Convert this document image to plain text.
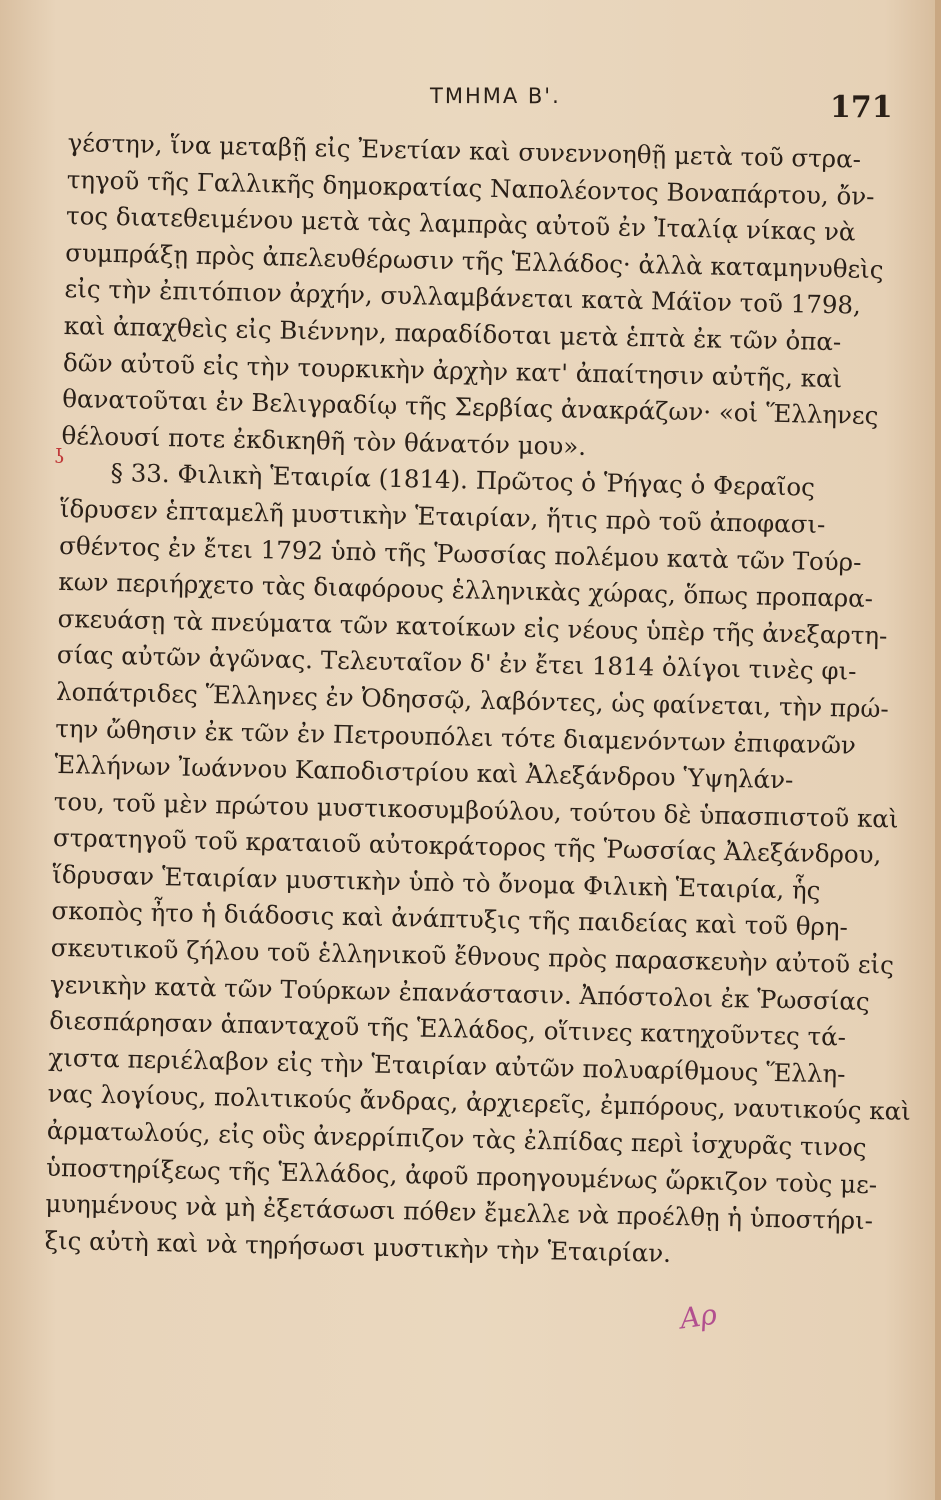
ΤΜΗΜΑ Β'.	171
γέστην, ἵνα μεταβῇ εἰς Ἐνετίαν καὶ συνεννοηθῇ μετὰ τοῦ στρα-
τηγοῦ τῆς Γαλλικῆς δημοκρατίας Ναπολέοντος Βοναπάρτου, ὄν-
τος διατεθειμένου μετὰ τὰς λαμπρὰς αὐτοῦ ἐν Ἰταλίᾳ νίκας νὰ
συμπράξῃ πρὸς ἀπελευθέρωσιν τῆς Ἑλλάδος· ἀλλὰ καταμηνυθεὶς
εἰς τὴν ἐπιτόπιον ἀρχήν, συλλαμβάνεται κατὰ Μάϊον τοῦ 1798,
καὶ ἀπαχθεὶς εἰς Βιέννην, παραδίδοται μετὰ ἑπτὰ ἐκ τῶν ὀπα-
δῶν αὐτοῦ εἰς τὴν τουρκικὴν ἀρχὴν κατ' ἀπαίτησιν αὐτῆς, καὶ
θανατοῦται ἐν Βελιγραδίῳ τῆς Σερβίας ἀνακράζων· «οἱ Ἕλληνες
θέλουσί ποτε ἐκδικηθῆ τὸν θάνατόν μου».
§ 33. Φιλικὴ Ἑταιρία (1814). Πρῶτος ὁ Ῥήγας ὁ Φεραῖος
ἵδρυσεν ἑπταμελῆ μυστικὴν Ἑταιρίαν, ἥτις πρὸ τοῦ ἀποφασι-
σθέντος ἐν ἔτει 1792 ὑπὸ τῆς Ῥωσσίας πολέμου κατὰ τῶν Τούρ-
κων περιήρχετο τὰς διαφόρους ἑλληνικὰς χώρας, ὅπως προπαρα-
σκευάσῃ τὰ πνεύματα τῶν κατοίκων εἰς νέους ὑπὲρ τῆς ἀνεξαρτη-
σίας αὐτῶν ἀγῶνας. Τελευταῖον δ' ἐν ἔτει 1814 ὀλίγοι τινὲς φι-
λοπάτριδες Ἕλληνες ἐν Ὀδησσῷ, λαβόντες, ὡς φαίνεται, τὴν πρώ-
την ὤθησιν ἐκ τῶν ἐν Πετρουπόλει τότε διαμενόντων ἐπιφανῶν
Ἑλλήνων Ἰωάννου Καποδιστρίου καὶ Ἀλεξάνδρου Ὑψηλάν-
του, τοῦ μὲν πρώτου μυστικοσυμβούλου, τούτου δὲ ὑπασπιστοῦ καὶ
στρατηγοῦ τοῦ κραταιοῦ αὐτοκράτορος τῆς Ῥωσσίας Ἀλεξάνδρου,
ἵδρυσαν Ἑταιρίαν μυστικὴν ὑπὸ τὸ ὄνομα Φιλικὴ Ἑταιρία, ἧς
σκοπὸς ἦτο ἡ διάδοσις καὶ ἀνάπτυξις τῆς παιδείας καὶ τοῦ θρη-
σκευτικοῦ ζήλου τοῦ ἑλληνικοῦ ἔθνους πρὸς παρασκευὴν αὐτοῦ εἰς
γενικὴν κατὰ τῶν Τούρκων ἐπανάστασιν. Ἀπόστολοι ἐκ Ῥωσσίας
διεσπάρησαν ἁπανταχοῦ τῆς Ἑλλάδος, οἵτινες κατηχοῦντες τά-
χιστα περιέλαβον εἰς τὴν Ἑταιρίαν αὐτῶν πολυαρίθμους Ἕλλη-
νας λογίους, πολιτικούς ἄνδρας, ἀρχιερεῖς, ἐμπόρους, ναυτικούς καὶ
ἀρματωλούς, εἰς οὓς ἀνερρίπιζον τὰς ἐλπίδας περὶ ἰσχυρᾶς τινος
ὑποστηρίξεως τῆς Ἑλλάδος, ἀφοῦ προηγουμένως ὥρκιζον τοὺς με-
μυημένους νὰ μὴ ἐξετάσωσι πόθεν ἔμελλε νὰ προέλθῃ ἡ ὑποστήρι-
ξις αὐτὴ καὶ νὰ τηρήσωσι μυστικὴν τὴν Ἑταιρίαν.
ʖ
Αρ
